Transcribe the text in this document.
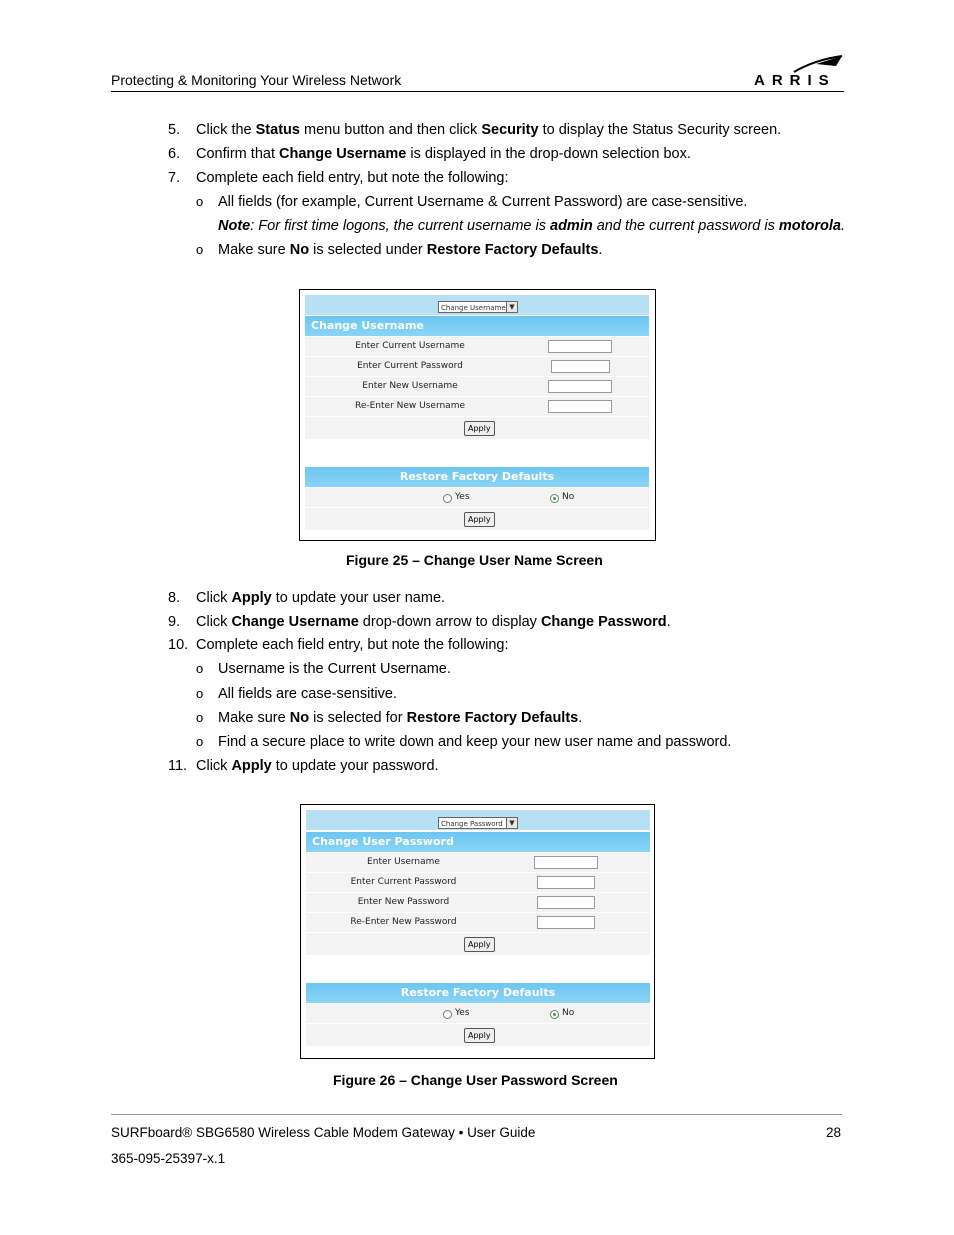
Protecting & Monitoring Your Wireless Network	ARRIS
5.	Click the Status menu button and then click Security to display the Status Security screen.
6.	Confirm that Change Username is displayed in the drop-down selection box.
7.	Complete each field entry, but note the following:
o All fields (for example, Current Username & Current Password) are case-sensitive.
Note: For first time logons, the current username is admin and the current password is motorola.
o Make sure No is selected under Restore Factory Defaults.
Change Username ▼
Change Username
Enter Current Username
Enter Current Password
Enter New Username
Re-Enter New Username
Apply
Restore Factory Defaults
Yes	No
Apply
Figure 25 – Change User Name Screen
8.	Click Apply to update your user name.
9.	Click Change Username drop-down arrow to display Change Password.
10. Complete each field entry, but note the following:
o Username is the Current Username.
o All fields are case-sensitive.
o Make sure No is selected for Restore Factory Defaults.
o Find a secure place to write down and keep your new user name and password.
11. Click Apply to update your password.
Change Password ▼
Change User Password
Enter Username
Enter Current Password
Enter New Password
Re-Enter New Password
Apply
Restore Factory Defaults
Yes	No
Apply
Figure 26 – Change User Password Screen
SURFboard® SBG6580 Wireless Cable Modem Gateway • User Guide	28
365-095-25397-x.1
